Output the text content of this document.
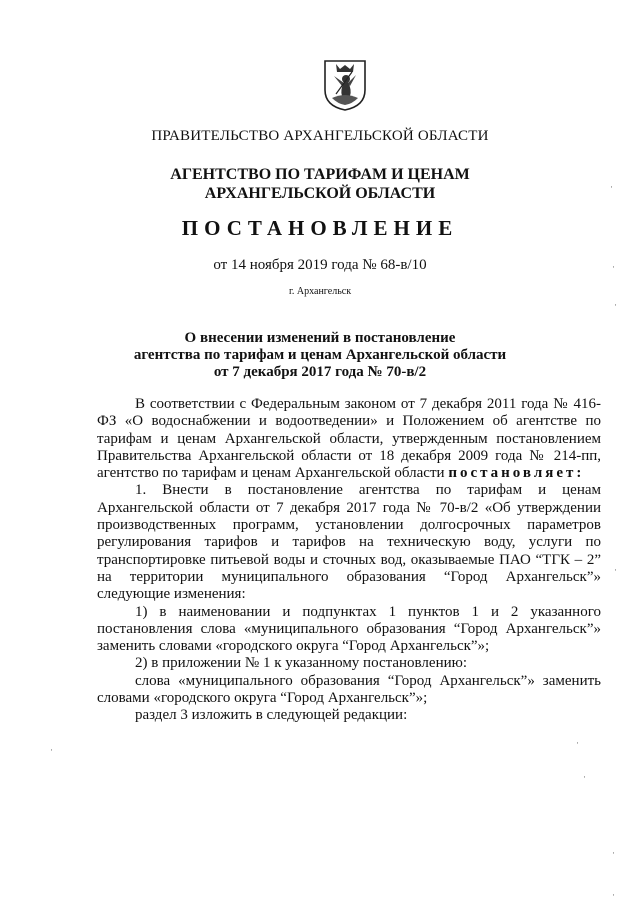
ПРАВИТЕЛЬСТВО АРХАНГЕЛЬСКОЙ ОБЛАСТИ
АГЕНТСТВО ПО ТАРИФАМ И ЦЕНАМ
АРХАНГЕЛЬСКОЙ ОБЛАСТИ
ПОСТАНОВЛЕНИЕ
от 14 ноября 2019 года № 68-в/10
г. Архангельск
О внесении изменений в постановление
агентства по тарифам и ценам Архангельской области
от 7 декабря 2017 года № 70-в/2

В соответствии с Федеральным законом от 7 декабря 2011 года № 416-ФЗ «О водоснабжении и водоотведении» и Положением об агентстве по тарифам и ценам Архангельской области, утвержденным постановлением Правительства Архангельской области от 18 декабря 2009 года № 214-пп, агентство по тарифам и ценам Архангельской области постановляет:

1. Внести в постановление агентства по тарифам и ценам Архангельской области от 7 декабря 2017 года № 70-в/2 «Об утверждении производственных программ, установлении долгосрочных параметров регулирования тарифов и тарифов на техническую воду, услуги по транспортировке питьевой воды и сточных вод, оказываемые ПАО “ТГК – 2” на территории муниципального образования “Город Архангельск”» следующие изменения:

1) в наименовании и подпунктах 1 пунктов 1 и 2 указанного постановления слова «муниципального образования “Город Архангельск”» заменить словами «городского округа “Город Архангельск”»;

2) в приложении № 1 к указанному постановлению:

слова «муниципального образования “Город Архангельск”» заменить словами «городского округа “Город Архангельск”»;

раздел 3 изложить в следующей редакции:

·
·
·
·
·
·
·
·
·
